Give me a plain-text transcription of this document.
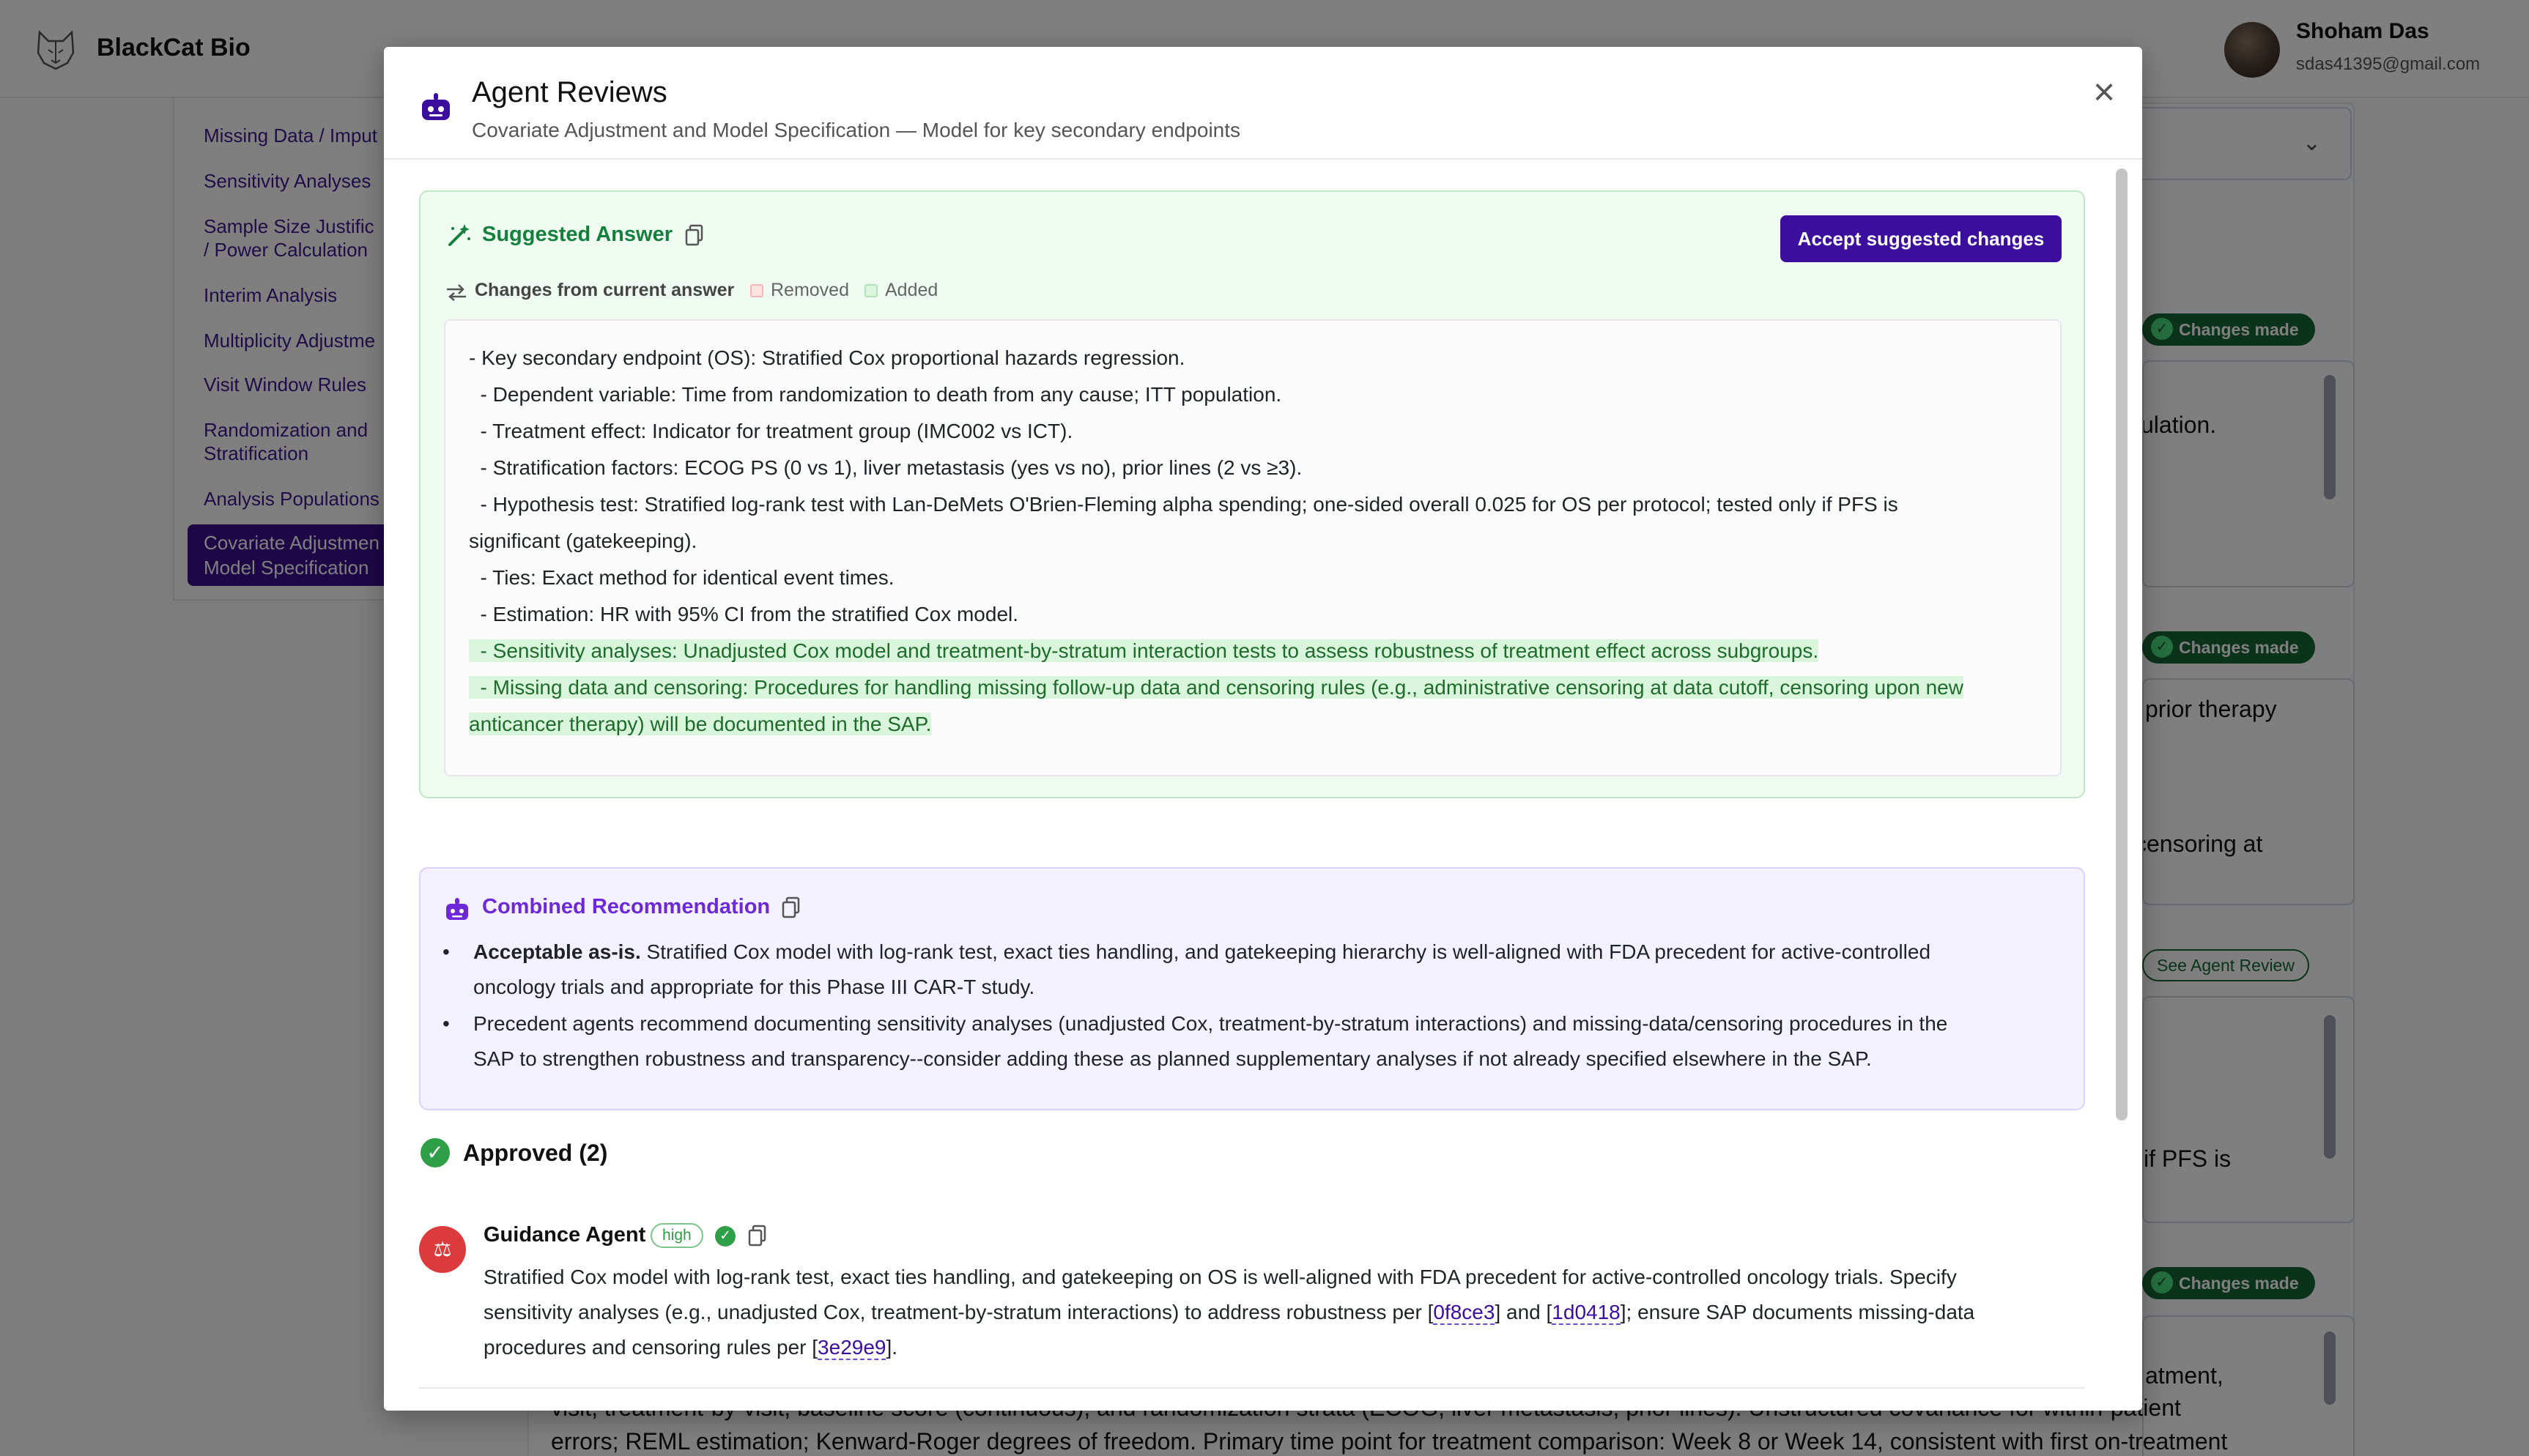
✓
✓
✓
Agent Reviews
Covariate Adjustment and Model Specification — Model for key secondary endpoints
×
Suggested Answer	Accept suggested changes
Changes from current answer Removed Added
- Key secondary endpoint (OS): Stratified Cox proportional hazards regression.
- Dependent variable: Time from randomization to death from any cause; ITT population.
- Treatment effect: Indicator for treatment group (IMC002 vs ICT).
- Stratification factors: ECOG PS (0 vs 1), liver metastasis (yes vs no), prior lines (2 vs ≥3).
- Hypothesis test: Stratified log-rank test with Lan-DeMets O'Brien-Fleming alpha spending; one-sided overall 0.025 for OS per protocol; tested only if PFS is
significant (gatekeeping).
- Ties: Exact method for identical event times.
- Estimation: HR with 95% CI from the stratified Cox model.
- Sensitivity analyses: Unadjusted Cox model and treatment-by-stratum interaction tests to assess robustness of treatment effect across subgroups.
- Missing data and censoring: Procedures for handling missing follow-up data and censoring rules (e.g., administrative censoring at data cutoff, censoring upon new
anticancer therapy) will be documented in the SAP.
Combined Recommendation
• Acceptable as-is. Stratified Cox model with log-rank test, exact ties handling, and gatekeeping hierarchy is well-aligned with FDA precedent for active-controlled
oncology trials and appropriate for this Phase III CAR-T study.
• Precedent agents recommend documenting sensitivity analyses (unadjusted Cox, treatment-by-stratum interactions) and missing-data/censoring procedures in the
SAP to strengthen robustness and transparency--consider adding these as planned supplementary analyses if not already specified elsewhere in the SAP.
✓ Approved (2)
⚖
Guidance Agent	high	✓
Stratified Cox model with log-rank test, exact ties handling, and gatekeeping on OS is well-aligned with FDA precedent for active-controlled oncology trials. Specify
sensitivity analyses (e.g., unadjusted Cox, treatment-by-stratum interactions) to address robustness per [0f8ce3] and [1d0418]; ensure SAP documents missing-data
procedures and censoring rules per [3e29e9].
